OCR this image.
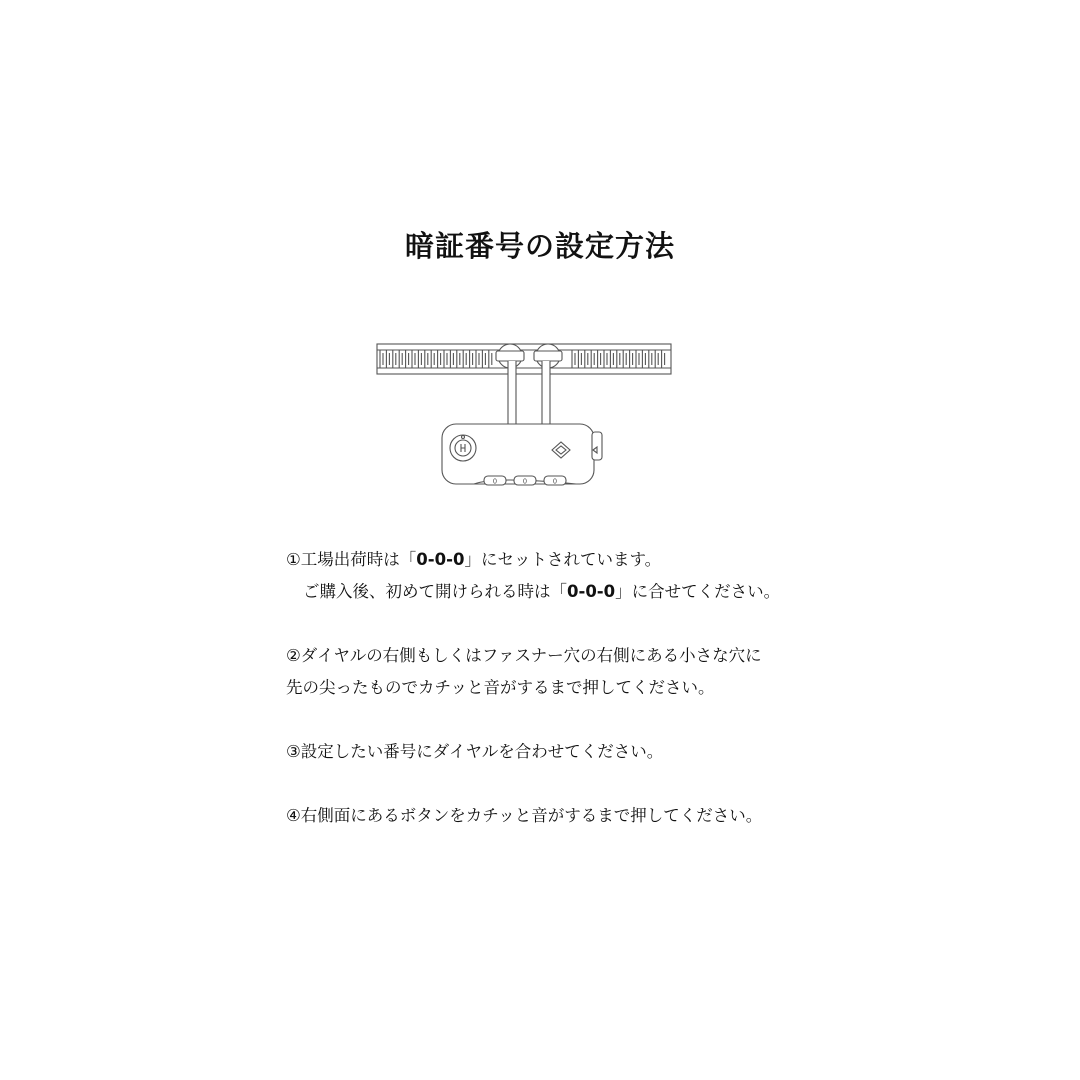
暗証番号の設定方法
0	0	0

①工場出荷時は「0-0-0」にセットされています。
ご購入後、初めて開けられる時は「0-0-0」に合せてください。

②ダイヤルの右側もしくはファスナー穴の右側にある小さな穴に
先の尖ったものでカチッと音がするまで押してください。

③設定したい番号にダイヤルを合わせてください。

④右側面にあるボタンをカチッと音がするまで押してください。
